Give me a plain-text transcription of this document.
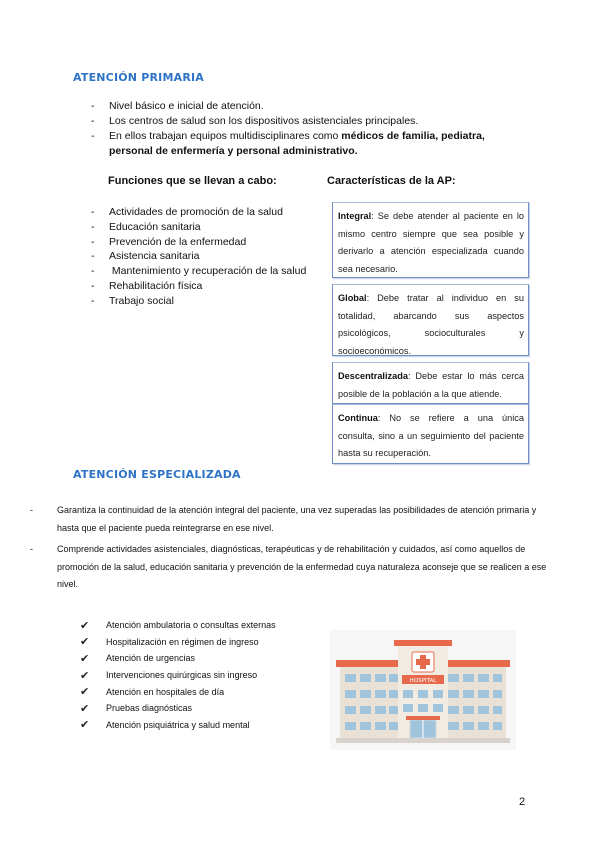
ATENCIÓN PRIMARIA
- Nivel básico e inicial de atención.
- Los centros de salud son los dispositivos asistenciales principales.
- En ellos trabajan equipos multidisciplinares como médicos de familia, pediatra, personal de enfermería y personal administrativo.
Funciones que se llevan a cabo:	Características de la AP:
- Actividades de promoción de la salud
- Educación sanitaria
- Prevención de la enfermedad
- Asistencia sanitaria
-  Mantenimiento y recuperación de la salud
- Rehabilitación física
- Trabajo social
Integral: Se debe atender al paciente en lo mismo centro siempre que sea posible y derivarlo a atención especializada cuando sea necesario.
Global: Debe tratar al individuo en su totalidad, abarcando sus aspectos psicológicos, socioculturales y socioeconómicos.
Descentralizada: Debe estar lo más cerca posible de la población a la que atiende.
Continua: No se refiere a una única consulta, sino a un seguimiento del paciente hasta su recuperación.
ATENCIÓN ESPECIALIZADA
- Garantiza la continuidad de la atención integral del paciente, una vez superadas las posibilidades de atención primaria y hasta que el paciente pueda reintegrarse en ese nivel.
- Comprende actividades asistenciales, diagnósticas, terapéuticas y de rehabilitación y cuidados, así como aquellos de promoción de la salud, educación sanitaria y prevención de la enfermedad cuya naturaleza aconseje que se realicen a ese nivel.
✔	Atención ambulatoria o consultas externas
✔	Hospitalización en régimen de ingreso
✔	Atención de urgencias
✔	Intervenciones quirúrgicas sin ingreso
✔	Atención en hospitales de día
✔	Pruebas diagnósticas
✔	Atención psiquiátrica y salud mental
HOSPITAL
2
